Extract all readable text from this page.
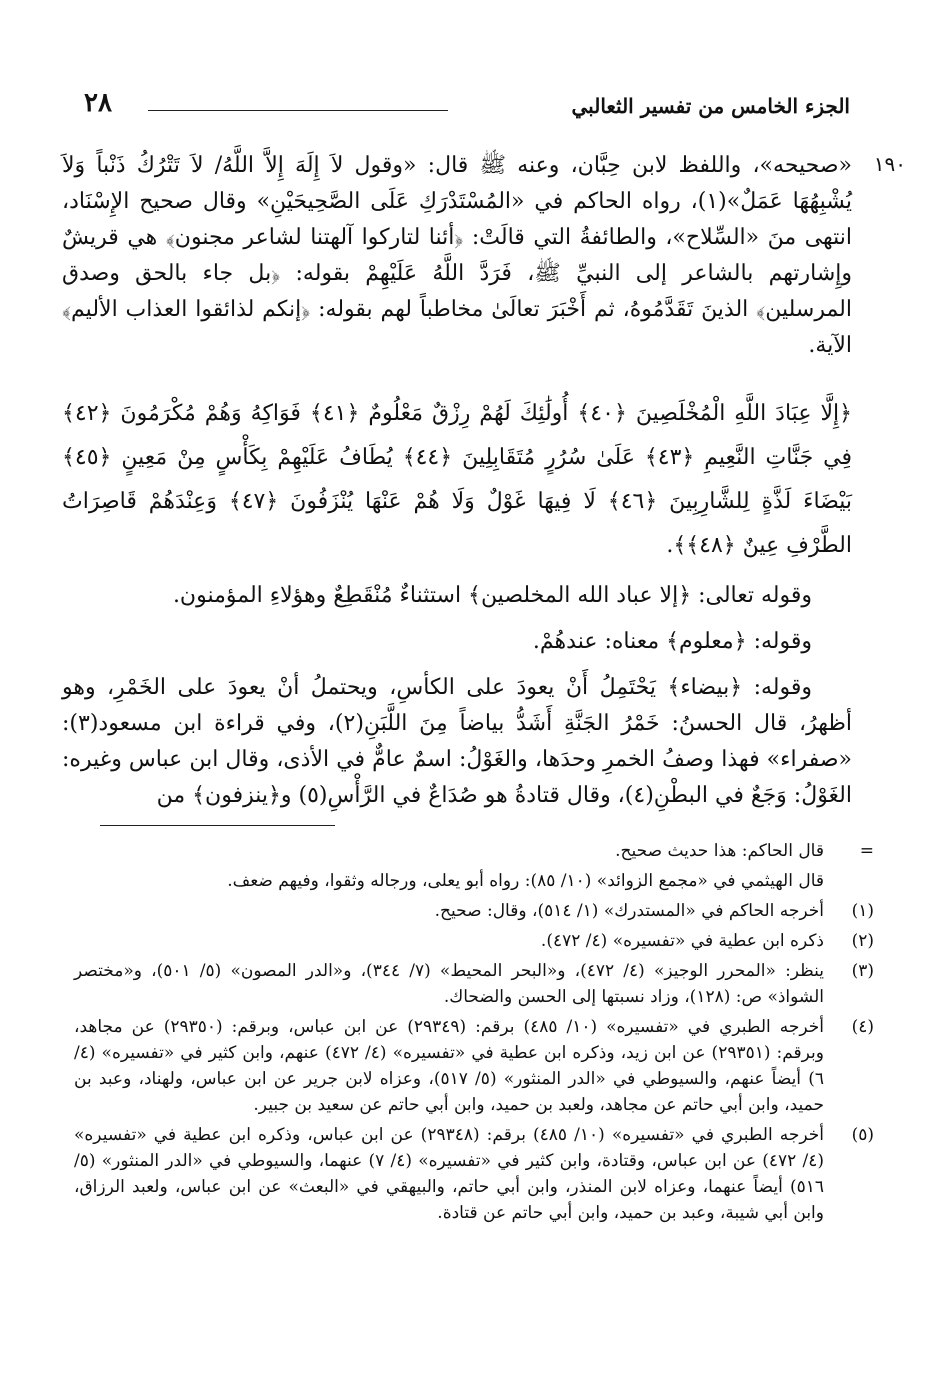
٢٨	الجزء الخامس من تفسير الثعالبي
١٩٠

«صحيحه»، واللفظ لابن حِبَّان، وعنه ﷺ قال: «وقول لاَ إِلَهَ إِلاَّ اللَّهُ/ لاَ تَتْرُكُ ذَنْباً وَلاَ يُشْبِهُهَا عَمَلٌ»(١)، رواه الحاكم في «المُسْتَدْرَكِ عَلَى الصَّحِيحَيْنِ» وقال صحيح الإِسْنَاد، انتهى منَ «السِّلاح»، والطائفةُ التي قالَتْ: ﴿أئنا لتاركوا آلهتنا لشاعر مجنون﴾ هي قريشٌ وإِشارتهم بالشاعر إلى النبيِّ ﷺ، فَرَدَّ اللَّهُ عَلَيْهِمْ بقوله: ﴿بل جاء بالحق وصدق المرسلين﴾ الذينَ تَقَدَّمُوهُ، ثم أَخْبَرَ تعالَىٰ مخاطباً لهم بقوله: ﴿إنكم لذائقوا العذاب الأليم﴾ الآية.

﴿إِلَّا عِبَادَ اللَّهِ الْمُخْلَصِينَ ﴿٤٠﴾ أُولَٰئِكَ لَهُمْ رِزْقٌ مَعْلُومٌ ﴿٤١﴾ فَوَاكِهُ وَهُمْ مُكْرَمُونَ ﴿٤٢﴾ فِي جَنَّاتِ النَّعِيمِ ﴿٤٣﴾ عَلَىٰ سُرُرٍ مُتَقَابِلِينَ ﴿٤٤﴾ يُطَافُ عَلَيْهِمْ بِكَأْسٍ مِنْ مَعِينٍ ﴿٤٥﴾ بَيْضَاءَ لَذَّةٍ لِلشَّارِبِينَ ﴿٤٦﴾ لَا فِيهَا غَوْلٌ وَلَا هُمْ عَنْهَا يُنْزَفُونَ ﴿٤٧﴾ وَعِنْدَهُمْ قَاصِرَاتُ الطَّرْفِ عِينٌ ﴿٤٨﴾﴾.

وقوله تعالى: ﴿إلا عباد الله المخلصين﴾ استثناءٌ مُنْقَطِعٌ وهؤلاءِ المؤمنون.

وقوله: ﴿معلوم﴾ معناه: عندهُمْ.

وقوله: ﴿بيضاء﴾ يَحْتَمِلُ أَنْ يعودَ على الكأسِ، ويحتملُ أنْ يعودَ على الخَمْرِ، وهو أظهرُ، قال الحسنُ: خَمْرُ الجَنَّةِ أَشَدُّ بياضاً مِنَ اللَّبَنِ(٢)، وفي قراءة ابن مسعود(٣): «صفراء» فهذا وصفُ الخمرِ وحدَها، والغَوْلُ: اسمٌ عامٌّ في الأذى، وقال ابن عباس وغيره: الغَوْلُ: وَجَعٌ في البطْنِ(٤)، وقال قتادةُ هو صُدَاعٌ في الرَّأْسِ(٥) و﴿ينزفون﴾ من

=
قال الحاكم: هذا حديث صحيح.
قال الهيثمي في «مجمع الزوائد» (١٠/ ٨٥): رواه أبو يعلى، ورجاله وثقوا، وفيهم ضعف.
(١)
أخرجه الحاكم في «المستدرك» (١/ ٥١٤)، وقال: صحيح.
(٢)
ذكره ابن عطية في «تفسيره» (٤/ ٤٧٢).
(٣)
ينظر: «المحرر الوجيز» (٤/ ٤٧٢)، و«البحر المحيط» (٧/ ٣٤٤)، و«الدر المصون» (٥/ ٥٠١)، و«مختصر الشواذ» ص: (١٢٨)، وزاد نسبتها إلى الحسن والضحاك.
(٤)
أخرجه الطبري في «تفسيره» (١٠/ ٤٨٥) برقم: (٢٩٣٤٩) عن ابن عباس، وبرقم: (٢٩٣٥٠) عن مجاهد، وبرقم: (٢٩٣٥١) عن ابن زيد، وذكره ابن عطية في «تفسيره» (٤/ ٤٧٢) عنهم، وابن كثير في «تفسيره» (٤/ ٦) أيضاً عنهم، والسيوطي في «الدر المنثور» (٥/ ٥١٧)، وعزاه لابن جرير عن ابن عباس، ولهناد، وعبد بن حميد، وابن أبي حاتم عن مجاهد، ولعبد بن حميد، وابن أبي حاتم عن سعيد بن جبير.
(٥)
أخرجه الطبري في «تفسيره» (١٠/ ٤٨٥) برقم: (٢٩٣٤٨) عن ابن عباس، وذكره ابن عطية في «تفسيره» (٤/ ٤٧٢) عن ابن عباس، وقتادة، وابن كثير في «تفسيره» (٤/ ٧) عنهما، والسيوطي في «الدر المنثور» (٥/ ٥١٦) أيضاً عنهما، وعزاه لابن المنذر، وابن أبي حاتم، والبيهقي في «البعث» عن ابن عباس، ولعبد الرزاق، وابن أبي شيبة، وعبد بن حميد، وابن أبي حاتم عن قتادة.
